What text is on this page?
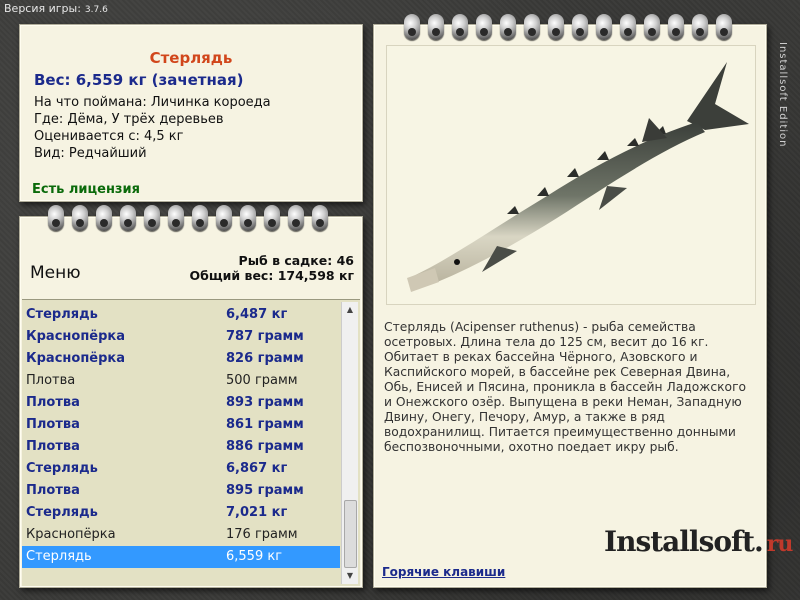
Версия игры: 3.7.6
Installsoft Edition
Стерлядь
Вес: 6,559 кг (зачетная)
На что поймана: Личинка короеда
Где: Дёма, У трёх деревьев
Оценивается с: 4,5 кг
Вид: Редчайший
Есть лицензия
Меню
Рыб в садке: 46
Общий вес: 174,598 кг
Стерлядь	6,487 кг
Краснопёрка	787 грамм
Краснопёрка	826 грамм
Плотва	500 грамм
Плотва	893 грамм
Плотва	861 грамм
Плотва	886 грамм
Стерлядь	6,867 кг
Плотва	895 грамм
Стерлядь	7,021 кг
Краснопёрка	176 грамм
Стерлядь	6,559 кг
▲
▼
Стерлядь (Acipenser ruthenus) - рыба семейства осетровых. Длина тела до 125 см, весит до 16 кг. Обитает в реках бассейна Чёрного, Азовского и Каспийского морей, в бассейне рек Северная Двина, Обь, Енисей и Пясина, проникла в бассейн Ладожского и Онежского озёр. Выпущена в реки Неман, Западную Двину, Онегу, Печору, Амур, а также в ряд водохранилищ. Питается преимущественно донными беспозвоночными, охотно поедает икру рыб.
Installsoft. ru
Горячие клавиши
